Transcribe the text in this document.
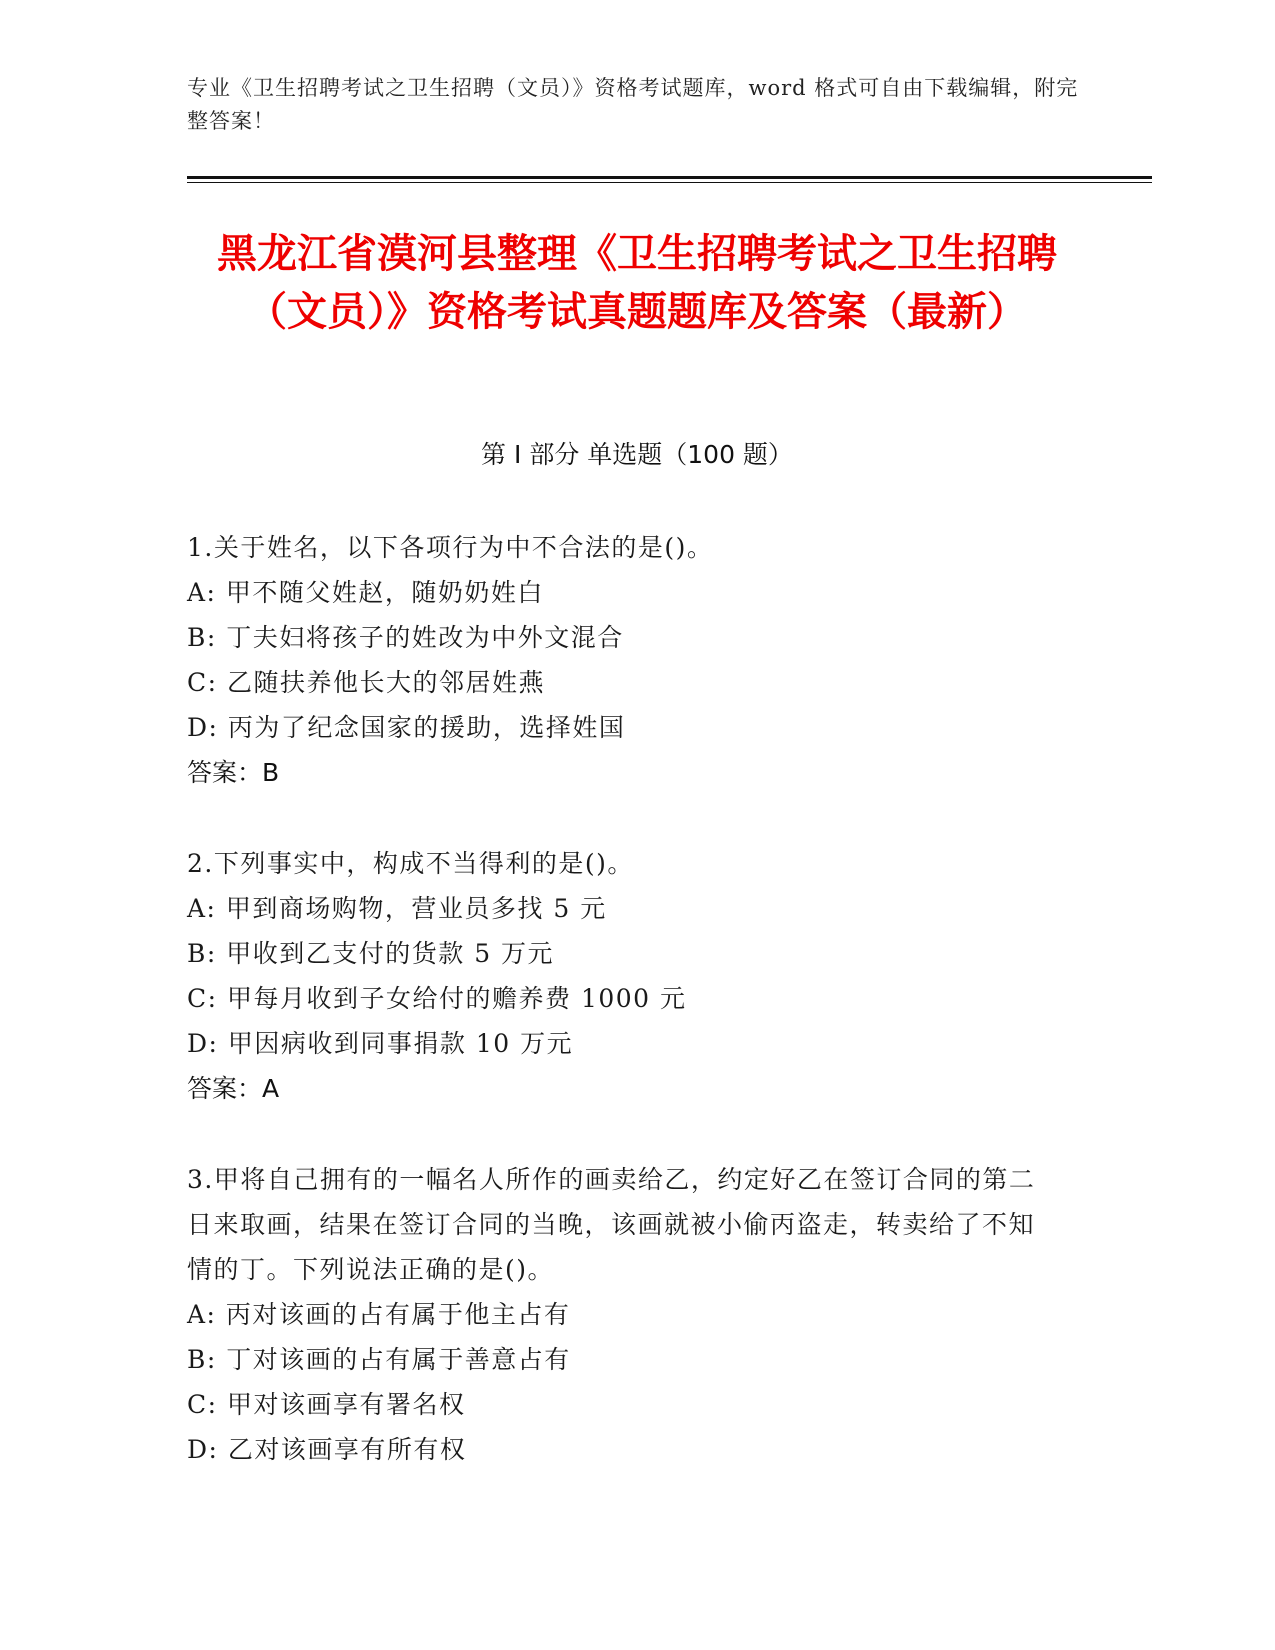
专业《卫生招聘考试之卫生招聘（文员）》资格考试题库，word 格式可自由下载编辑，附完整答案！
黑龙江省漠河县整理《卫生招聘考试之卫生招聘（文员）》资格考试真题题库及答案（最新）
第 I 部分 单选题（100 题）
1.关于姓名，以下各项行为中不合法的是()。
A: 甲不随父姓赵，随奶奶姓白
B: 丁夫妇将孩子的姓改为中外文混合
C: 乙随扶养他长大的邻居姓燕
D: 丙为了纪念国家的援助，选择姓国
答案：B
2.下列事实中，构成不当得利的是()。
A: 甲到商场购物，营业员多找 5 元
B: 甲收到乙支付的货款 5 万元
C: 甲每月收到子女给付的赡养费 1000 元
D: 甲因病收到同事捐款 10 万元
答案：A
3.甲将自己拥有的一幅名人所作的画卖给乙，约定好乙在签订合同的第二日来取画，结果在签订合同的当晚，该画就被小偷丙盗走，转卖给了不知情的丁。下列说法正确的是()。
A: 丙对该画的占有属于他主占有
B: 丁对该画的占有属于善意占有
C: 甲对该画享有署名权
D: 乙对该画享有所有权
